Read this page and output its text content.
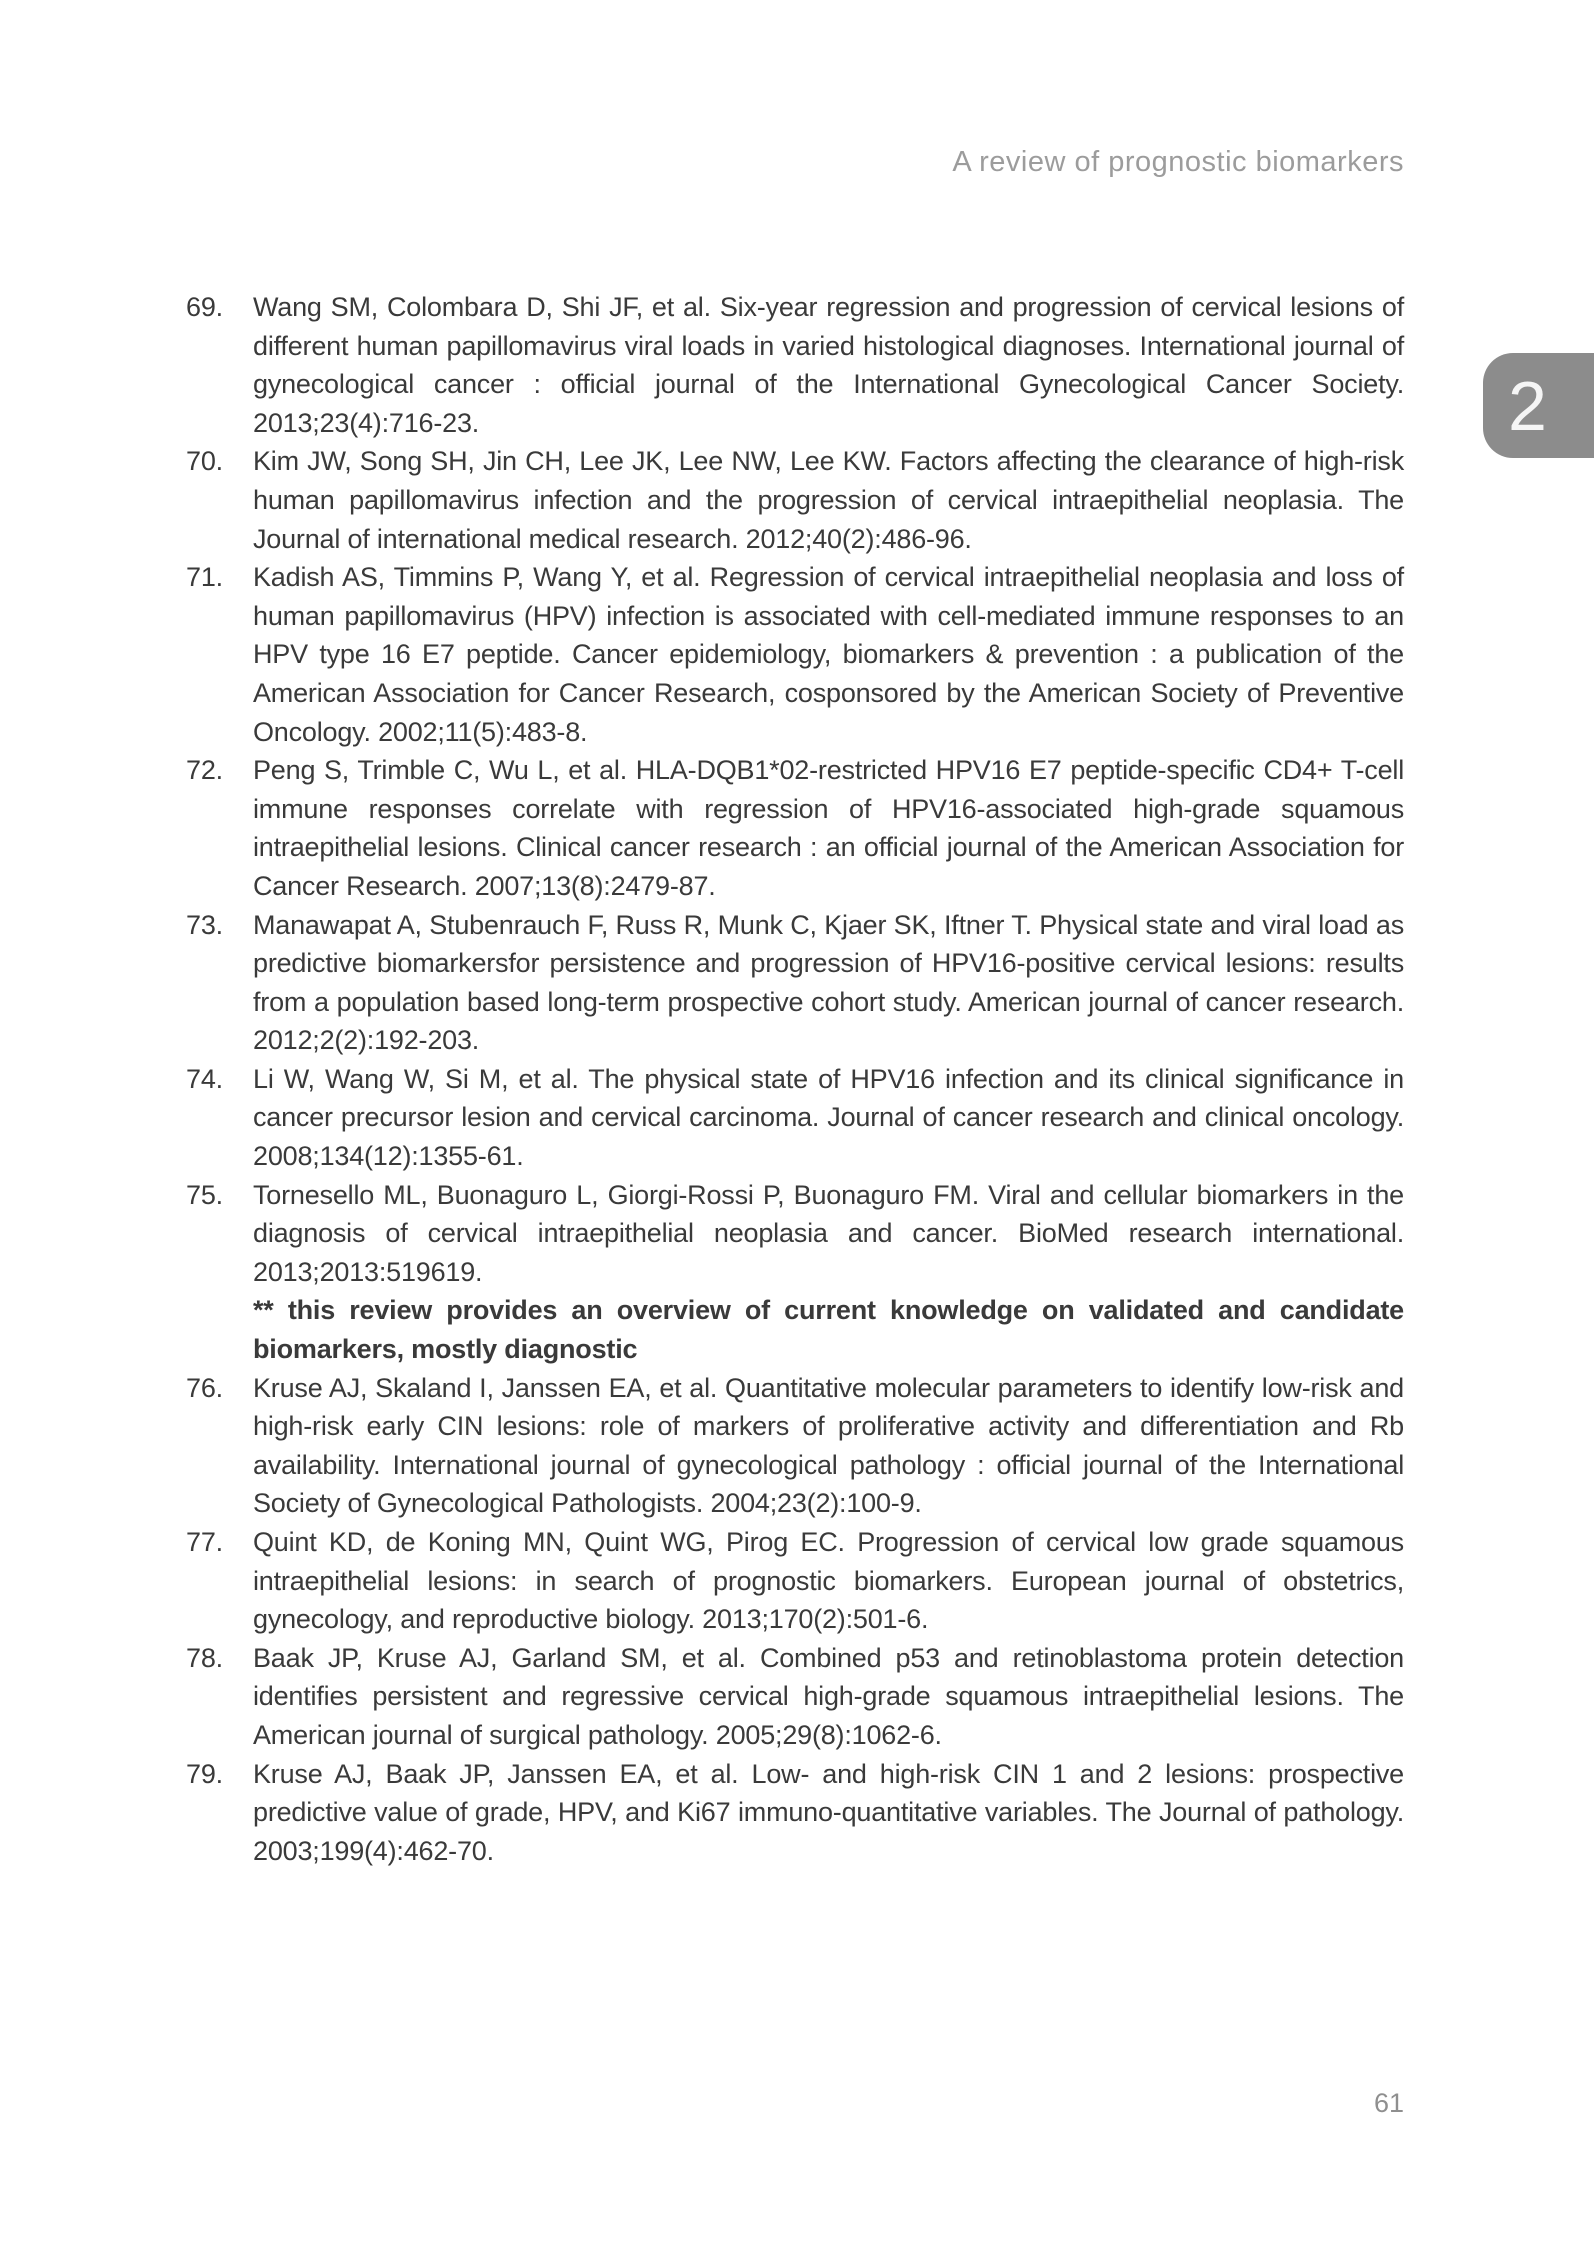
A review of prognostic biomarkers
2
69.	Wang SM, Colombara D, Shi JF, et al. Six-year regression and progression of cervical lesions of different human papillomavirus viral loads in varied histological diagnoses. International journal of gynecological cancer : official journal of the International Gynecological Cancer Society. 2013;23(4):716-23.
70.	Kim JW, Song SH, Jin CH, Lee JK, Lee NW, Lee KW. Factors affecting the clearance of high-risk human papillomavirus infection and the progression of cervical intraepithelial neoplasia. The Journal of international medical research. 2012;40(2):486-96.
71.	Kadish AS, Timmins P, Wang Y, et al. Regression of cervical intraepithelial neoplasia and loss of human papillomavirus (HPV) infection is associated with cell-mediated immune responses to an HPV type 16 E7 peptide. Cancer epidemiology, biomarkers & prevention : a publication of the American Association for Cancer Research, cosponsored by the American Society of Preventive Oncology. 2002;11(5):483-8.
72.	Peng S, Trimble C, Wu L, et al. HLA-DQB1*02-restricted HPV16 E7 peptide-specific CD4+ T-cell immune responses correlate with regression of HPV16-associated high-grade squamous intraepithelial lesions. Clinical cancer research : an official journal of the American Association for Cancer Research. 2007;13(8):2479-87.
73.	Manawapat A, Stubenrauch F, Russ R, Munk C, Kjaer SK, Iftner T. Physical state and viral load as predictive biomarkersfor persistence and progression of HPV16-positive cervical lesions: results from a population based long-term prospective cohort study. American journal of cancer research. 2012;2(2):192-203.
74.	Li W, Wang W, Si M, et al. The physical state of HPV16 infection and its clinical significance in cancer precursor lesion and cervical carcinoma. Journal of cancer research and clinical oncology. 2008;134(12):1355-61.
75.	Tornesello ML, Buonaguro L, Giorgi-Rossi P, Buonaguro FM. Viral and cellular biomarkers in the diagnosis of cervical intraepithelial neoplasia and cancer. BioMed research international. 2013;2013:519619.
** this review provides an overview of current knowledge on validated and candidate biomarkers, mostly diagnostic
76.	Kruse AJ, Skaland I, Janssen EA, et al. Quantitative molecular parameters to identify low-risk and high-risk early CIN lesions: role of markers of proliferative activity and differentiation and Rb availability. International journal of gynecological pathology : official journal of the International Society of Gynecological Pathologists. 2004;23(2):100-9.
77.	Quint KD, de Koning MN, Quint WG, Pirog EC. Progression of cervical low grade squamous intraepithelial lesions: in search of prognostic biomarkers. European journal of obstetrics, gynecology, and reproductive biology. 2013;170(2):501-6.
78.	Baak JP, Kruse AJ, Garland SM, et al. Combined p53 and retinoblastoma protein detection identifies persistent and regressive cervical high-grade squamous intraepithelial lesions. The American journal of surgical pathology. 2005;29(8):1062-6.
79.	Kruse AJ, Baak JP, Janssen EA, et al. Low- and high-risk CIN 1 and 2 lesions: prospective predictive value of grade, HPV, and Ki67 immuno-quantitative variables. The Journal of pathology. 2003;199(4):462-70.
61
